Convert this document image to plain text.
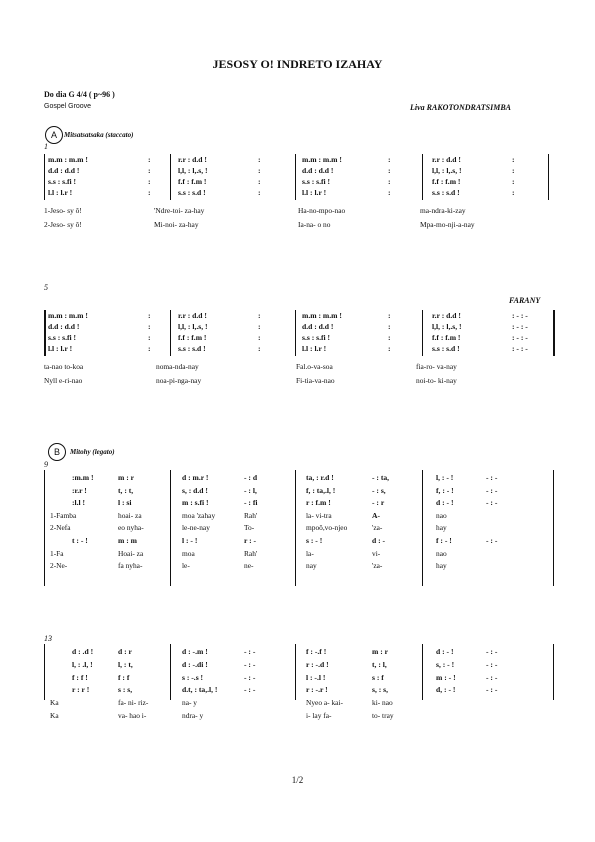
JESOSY O! INDRETO IZAHAY
Do dia G 4/4 ( p~96 )
Gospel Groove	Liva RAKOTONDRATSIMBA
A	Mitsatsatsaka (staccato)
1
m.m : m.m !	:	r.r : d.d !	:	m.m : m.m !	:	r.r : d.d !	:
d.d : d.d !	:	l,l, : l,.s, !	:	d.d : d.d !	:	l,l, : l,.s, !	:
s.s : s.fi !	:	f.f : f.m !	:	s.s : s.fi !	:	f.f : f.m !	:
l.l : l.r !	:	s.s : s.d !	:	l.l : l.r !	:	s.s : s.d !	:
1-Jeso- sy ô!	'Ndre-toi- za-hay	Ha-no-mpo-nao	ma-ndra-ki-zay
2-Jeso- sy ô!	Mi-noi- za-hay	Ia-na- o no	Mpa-mo-nji-a-nay
5
FARANY
m.m : m.m !	:	r.r : d.d !	:	m.m : m.m !	:	r.r : d.d !	: - : -
d.d : d.d !	:	l,l, : l,.s, !	:	d.d : d.d !	:	l,l, : l,.s, !	: - : -
s.s : s.fi !	:	f.f : f.m !	:	s.s : s.fi !	:	f.f : f.m !	: - : -
l.l : l.r !	:	s.s : s.d !	:	l.l : l.r !	:	s.s : s.d !	: - : -
ta-nao to-koa	noma-nda-nay	Fal.o-va-soa	fia-ro- va-nay
Nyll e-ri-nao	noa-pi-nga-nay	Fi-tia-va-nao	noi-to- ki-nay
B	Mitohy (legato)
9
:m.m !	m : r	d : m.r !	- : d	ta, : r.d !	- : ta,	l, : - !	- : -
:r.r !	t, : t,	s, : d.d !	- : l,	f, : ta,.l, !	- : s,	f, : - !	- : -
:l.l !	l : si	m : s.fi !	- : fi	r : f.m !	- : r	d : - !	- : -
1-Famba	hoai- za	moa 'zahay	Rah'	la- vi-tra	A-	nao
2-Nefa	eo nyha-	le-ne-nay	To-	mpoô,vo-njeo	'za-	hay
t : - !	m : m	l : - !	r : -	s : - !	d : -	f : - !	- : -
1-Fa	Hoai- za	moa	Rah'	la-	vi-	nao
2-Ne-	fa nyha-	le-	ne-	nay	'za-	hay
13
d : .d !	d : r	d : -.m !	- : -	f : -.f !	m : r	d : - !	- : -
l, : .l, !	l, : t,	d : -.di !	- : -	r : -.d !	t, : l,	s, : - !	- : -
f : f !	f : f	s : -.s !	- : -	l : -.l !	s : f	m : - !	- : -
r : r !	s : s,	d.t, : ta,.l, !	- : -	r : -.r !	s, : s,	d, : - !	- : -
Ka	fa- ni- riz-	na- y	Nyeo a- kai-	ki- nao
Ka	va- hao i-	ndra- y	i- lay fa-	to- tray
1/2
